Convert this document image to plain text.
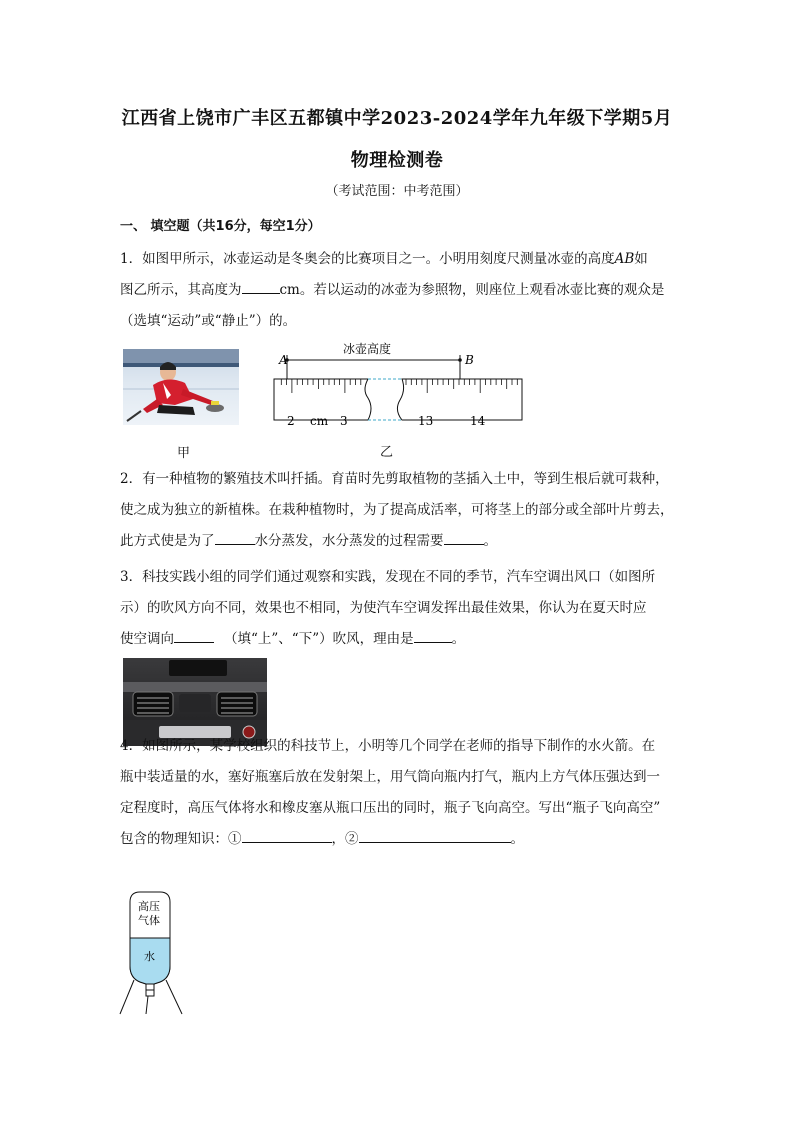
江西省上饶市广丰区五都镇中学2023-2024学年九年级下学期5月
物理检测卷
（考试范围：中考范围）
一、 填空题（共16分，每空1分）
1．如图甲所示，冰壶运动是冬奥会的比赛项目之一。小明用刻度尺测量冰壶的高度AB如
图乙所示，其高度为	cm。若以运动的冰壶为参照物，则座位上观看冰壶比赛的观众是
（选填“运动”或“静止”）的。
甲
A	B
冰壶高度
2 cm 3	13	14
乙
2．有一种植物的繁殖技术叫扦插。育苗时先剪取植物的茎插入土中，等到生根后就可栽种，
使之成为独立的新植株。在栽种植物时，为了提高成活率，可将茎上的部分或全部叶片剪去，
此方式使是为了	水分蒸发，水分蒸发的过程需要	。
3．科技实践小组的同学们通过观察和实践，发现在不同的季节，汽车空调出风口（如图所
示）的吹风方向不同，效果也不相同，为使汽车空调发挥出最佳效果，你认为在夏天时应
使空调向	（填“上”、“下”）吹风，理由是	。
4．如图所示，某学校组织的科技节上，小明等几个同学在老师的指导下制作的水火箭。在
瓶中装适量的水，塞好瓶塞后放在发射架上，用气筒向瓶内打气，瓶内上方气体压强达到一
定程度时，高压气体将水和橡皮塞从瓶口压出的同时，瓶子飞向高空。写出“瓶子飞向高空”
包含的物理知识：①	，②	。
高压
气体
水
